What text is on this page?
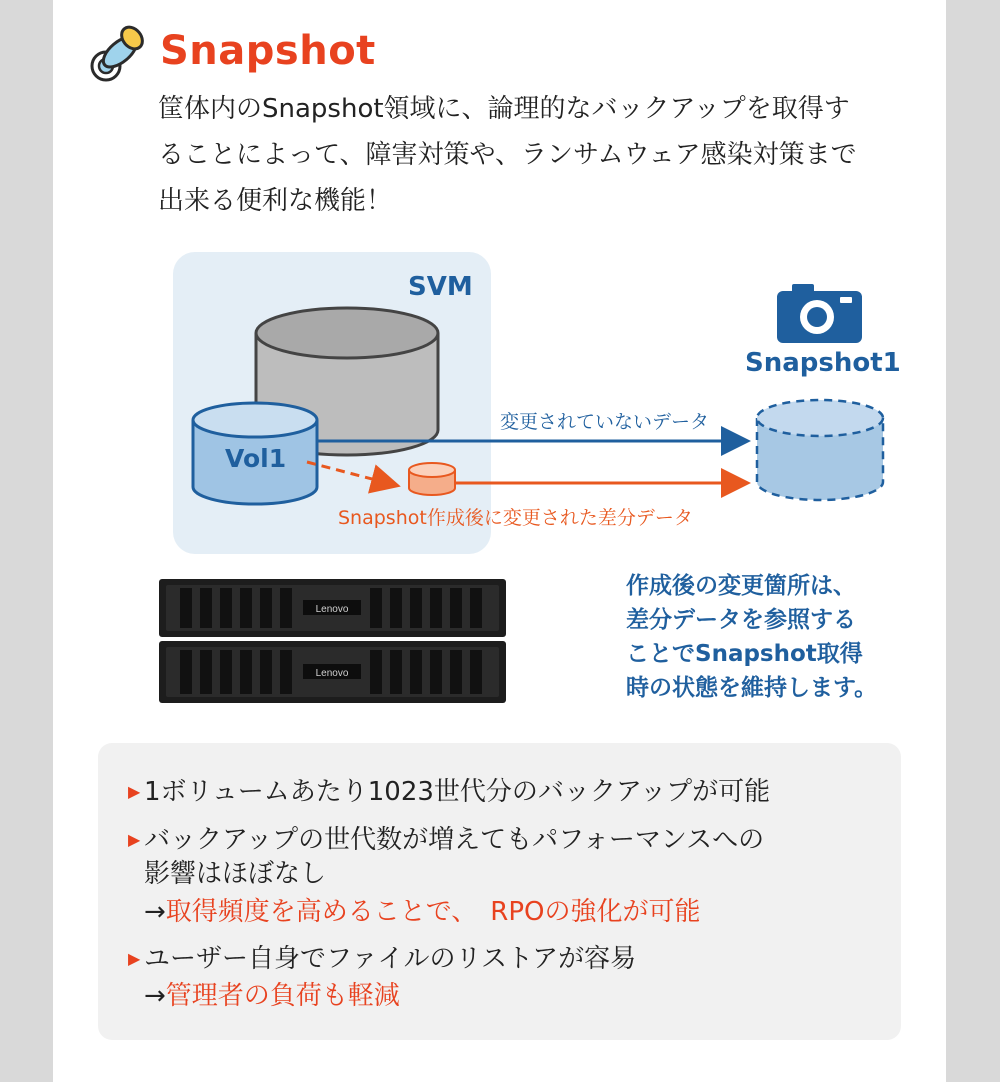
Snapshot
筐体内のSnapshot領域に、論理的なバックアップを取得す
ることによって、障害対策や、ランサムウェア感染対策まで
出来る便利な機能！
Lenovo
Lenovo
SVM
Snapshot1
Vol1
変更されていないデータ
Snapshot作成後に変更された差分データ
作成後の変更箇所は、
差分データを参照する
ことでSnapshot取得
時の状態を維持します。
▶ 1ボリュームあたり1023世代分のバックアップが可能
▶ バックアップの世代数が増えてもパフォーマンスへの
影響はほぼなし
→取得頻度を高めることで、　RPOの強化が可能
▶ ユーザー自身でファイルのリストアが容易
→管理者の負荷も軽減
